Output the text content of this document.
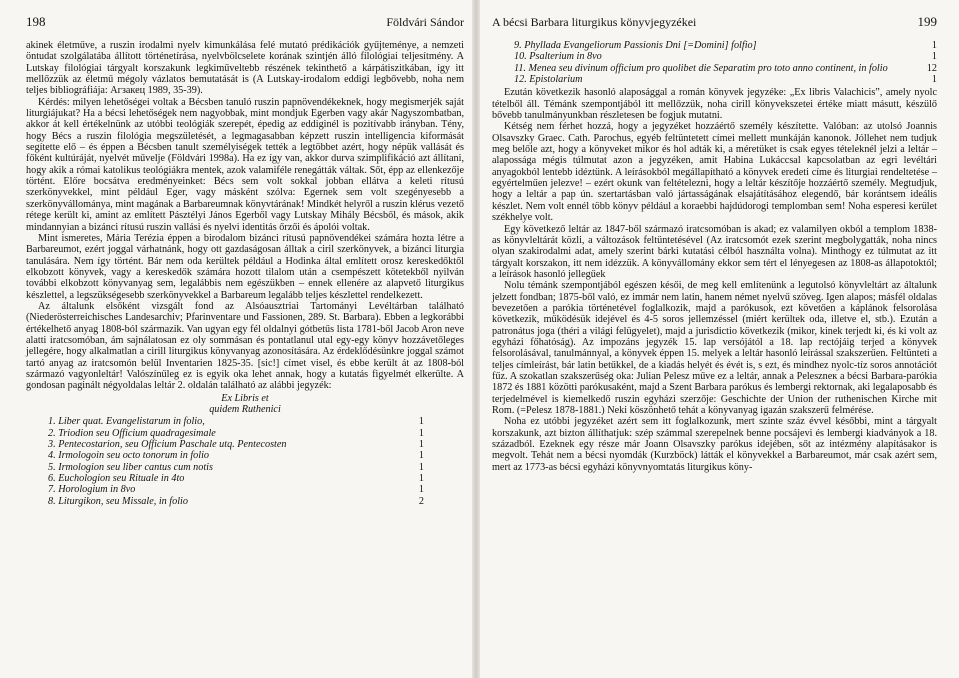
198	Földvári Sándor

akinek életművе, a ruszin irodalmi nyelv kimunkálása felé mutató prédikációk gyűjteménye, a nemzeti öntudat szolgálatába állított történetírása, nyelvbölcselete korának szintjén álló filológiai teljesítmény. A Lutskay filológiai tárgyalt korszakunk legkiműveltebb részének tekinthető a kárpátiszitkában, így itt mellőzzük az életmű mégoly vázlatos bemutatását is (A Lutskay-irodalom eddigi legbővebb, noha nem teljes bibliográfiája: Агзакец 1989, 35-39).

Kérdés: milyen lehetőségei voltak a Bécsben tanuló ruszin papnövendékeknek, hogy megismerjék saját liturgiájukat? Ha a bécsi lehetőségek nem nagyobbak, mint mondjuk Egerben vagy akár Nagyszombatban, akkor át kell értékelnünk az utóbbi teológiák szerepét, épedig az eddiginél is pozitívabb irányban. Tény, hogy Bécs a ruszin filológia megszületését, a legmagasabban képzett ruszin intelligencia kiformását segítette elő – és éppen a Bécsben tanult személyiségek tették a legtöbbet azért, hogy népük vallását és főként kultúráját, nyelvét művelje (Földvári 1998a). Ha ez így van, akkor durva szimplifikáció azt állítani, hogy akik a római katolikus teológiákra mentek, azok valamiféle renegátták váltak. Sőt, épp az ellenkezője történt. Előre bocsátva eredményeinket: Bécs sem volt sokkal jobban ellátva a keleti rítusú szerkönyvekkel, mint például Eger, vagy másként szólva: Egernek sem volt szegényesebb a szerkönyvállománya, mint magának a Barbareumnak könyvtárának! Mindkét helyről a ruszin klérus vezető rétege került ki, amint az említett Pásztélyi János Egerből vagy Lutskay Mihály Bécsből, és mások, akik mindannyian a bizánci rítusú ruszin vallási és nyelvi identitás őrzői és ápolói voltak.

Mint ismeretes, Mária Terézia éppen a birodalom bizánci rítusú papnövendékei számára hozta létre a Barbareumot, ezért joggal várhatnánk, hogy ott gazdaságosan álltak a ciril szerkönyvek, a bizánci liturgia tanulására. Nem így történt. Bár nem oda kerültek például a Hodinka által említett orosz kereskedőktől elkobzott könyvek, vagy a kereskedők számára hozott tilalom után a csempészett kötetekből nyilván további elkobzott könyvanyag sem, legalábbis nem egészükben – ennek ellenére az alapvető liturgikus készlettel, a legszükségesebb szerkönyvekkel a Barbareum legalább teljes készlettel rendelkezett.

Az általunk elsőként vizsgált fond az Alsóausztriai Tartományi Levéltárban található (Niederösterreichisches Landesarchiv; Pfarinventare und Fassionen, 289. St. Barbara). Ebben a legkorábbi értékelhető anyag 1808-ból származik. Van ugyan egy fél oldalnyi gótbetűs lista 1781-ből Jacob Aron neve alatti iratcsomóban, ám sajnálatosan ez oly sommásan és pontatlanul utal egy-egy könyv hozzávetőleges jellegére, hogy alkalmatlan a cirill liturgikus könyvanyag azonosítására. Az érdeklődésünkre joggal számot tartó anyag az iratcsomón belül Inventarien 1825-35. [sic!] címet visel, és ebbe került át az 1808-ból származó vagyonleltár! Valószínűleg ez is egyik oka lehet annak, hogy a kutatás figyelmét elkerülte. A gondosan paginált négyoldalas leltár 2. oldalán található az alábbi jegyzék:

Ex Libris et
quidem Ruthenici
1. Liber quat. Evangelistarum in folio,	1
2. Triodion seu Officium quadragesimale	1
3. Pentecostarion, seu Officium Paschale utq. Pentecosten	1
4. Irmologoin seu octo tonorum in folio	1
5. Irmologion seu liber cantus cum notis	1
6. Euchologion seu Rituale in 4to	1
7. Horologium in 8vo	1
8. Liturgikon, seu Missale, in folio	2
A bécsi Barbara liturgikus könyvjegyzékei	199
9. Phyllada Evangeliorum Passionis Dni [=Domini] folfio]	1
10. Psalterium in 8vo	1
11. Menea seu divinum officium pro quolibet die Separatim pro toto anno continent, in folio	12
12. Epistolarium	1

Ezután következik hasonló alaposággal a román könyvek jegyzéke: „Ex libris Valachicis”, amely nyolc tételből áll. Témánk szempontjából itt mellőzzük, noha cirill könyvekszetei értéke miatt másutt, készülő bővebb tanulmányunkban részletesen be fogjuk mutatni.

Kétség nem férhet hozzá, hogy a jegyzéket hozzáértő személy készítette. Valóban: az utolsó Joannis Olsavszky Graec. Cath. Parochus, egyéb feltüntetett címei mellett munkáján kanonok. Jóllehet nem tudjuk meg belőle azt, hogy a könyveket mikor és hol adták ki, a méretüket is csak egyes tételeknél jelzi a leltár – alapossága mégis túlmutat azon a jegyzéken, amit Habina Lukáccsal kapcsolatban az egri levéltári anyagokból lentebb idéztünk. A leírásokból megállapítható a könyvek eredeti címe és liturgiai rendeltetése – egyértelműen jelezve! – ezért okunk van feltételezni, hogy a leltár készítője hozzáértő személy. Megtudjuk, hogy a leltár a pap ún. szertartásban való jártasságának elsajátításához elegendő, bár korántsem ideális készlet. Nem volt ennél több könyv például a koraebbi hajdúdorogi templomban sem! Noha esperesi kerület székhelye volt.

Egy következő leltár az 1847-ből származó iratcsomóban is akad; ez valamilyen okból a templom 1838-as könyvleltárát közli, a változások feltüntetésével (Az iratcsomót ezek szerint megbolygatták, noha nincs olyan szakirodalmi adat, amely szerint bárki kutatási célból használta volna). Minthogy ez túlmutat az itt tárgyalt korszakon, itt nem idézzük. A könyvállomány ekkor sem tért el lényegesen az 1808-as állapotoktól; a leírások hasonló jellegűek

Nolu témánk szempontjából egészen késői, de meg kell említenünk a legutolsó könyvleltárt az általunk jelzett fondban; 1875-ből való, ez immár nem latin, hanem német nyelvű szöveg. Igen alapos; másfél oldalas bevezetően a parókia történetével foglalkozik, majd a parókusok, ezt követően a káplánok felsorolása következik, működésük idejével és 4-5 soros jellemzéssel (miért kerültek oda, illetve el, stb.). Ezután a patronátus joga (théri a világi felügyelet), majd a jurisdictio következik (mikor, kinek terjedt ki, és ki volt az egyházi főhatóság). Az impozáns jegyzék 15. lap versójától a 18. lap rectójáig terjed a könyvek felsorolásával, tanulmánnyal, a könyvek éppen 15. melyek a leltár hasonló leírással szakszerűen. Feltünteti a teljes címleírást, bár latin betűkkel, de a kiadás helyét és évét is, s ezt, és mindhez nyolc-tíz soros annotációt fűz. A szokatlan szakszerűség oka: Julian Pelesz műve ez a leltár, annak a Peleszneк a bécsi Barbara-parókia 1872 és 1881 közötti parókusaként, majd a Szent Barbara parókus és lembergi rektornak, aki legalaposabb és terjedelmével is kiemelkedő ruszin egyházi szerzője: Geschichte der Union der ruthenischen Kirche mit Rom. (=Pelesz 1878-1881.) Neki köszönhető tehát a könyvanyag igazán szakszerű felmérése.

Noha ez utóbbi jegyzéket azért sem itt foglalkozunk, mert szinte száz évvel későbbi, mint a tárgyalt korszakunk, azt bizton állíthatjuk: szép számmal szerepelnek benne pocsájevi és lembergi kiadványok a 18. századból. Ezeknek egy része már Joann Olsavszky parókus idejében, sőt az intézmény alapításakor is megvolt. Tehát nem a bécsi nyomdák (Kurzböck) látták el könyvekkel a Barbareumot, már csak azért sem, mert az 1773-as bécsi egyházi könyvnyomtatás liturgikus köny-
